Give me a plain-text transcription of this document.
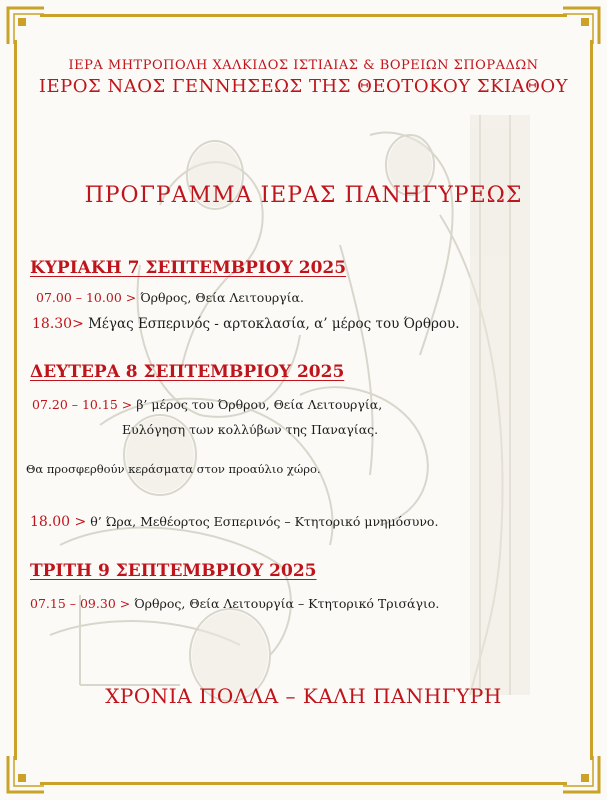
ΙΕΡΑ ΜΗΤΡΟΠΟΛΗ ΧΑΛΚΙΔΟΣ ΙΣΤΙΑΙΑΣ & ΒΟΡΕΙΩΝ ΣΠΟΡΑΔΩΝ
ΙΕΡΟΣ ΝΑΟΣ ΓΕΝΝΗΣΕΩΣ ΤΗΣ ΘΕΟΤΟΚΟΥ ΣΚΙΑΘΟΥ
ΠΡΟΓΡΑΜΜΑ ΙΕΡΑΣ ΠΑΝΗΓΥΡΕΩΣ
ΚΥΡΙΑΚΗ 7 ΣΕΠΤΕΜΒΡΙΟΥ 2025
07.00 – 10.00 > Όρθρος, Θεία Λειτουργία.
18.30> Μέγας Εσπερινός - αρτοκλασία, α’ μέρος του Όρθρου.
ΔΕΥΤΕΡΑ 8 ΣΕΠΤΕΜΒΡΙΟΥ 2025
07.20 – 10.15 > β’ μέρος του Όρθρου, Θεία Λειτουργία,
Ευλόγηση των κολλύβων της Παναγίας.
Θα προσφερθούν κεράσματα στον προαύλιο χώρο.
18.00 > θ’ Ώρα, Μεθέορτος Εσπερινός – Κτητορικό μνημόσυνο.
ΤΡΙΤΗ 9 ΣΕΠΤΕΜΒΡΙΟΥ 2025
07.15 – 09.30 > Όρθρος, Θεία Λειτουργία – Κτητορικό Τρισάγιο.
ΧΡΟΝΙΑ ΠΟΛΛΑ – ΚΑΛΗ ΠΑΝΗΓΥΡΗ
